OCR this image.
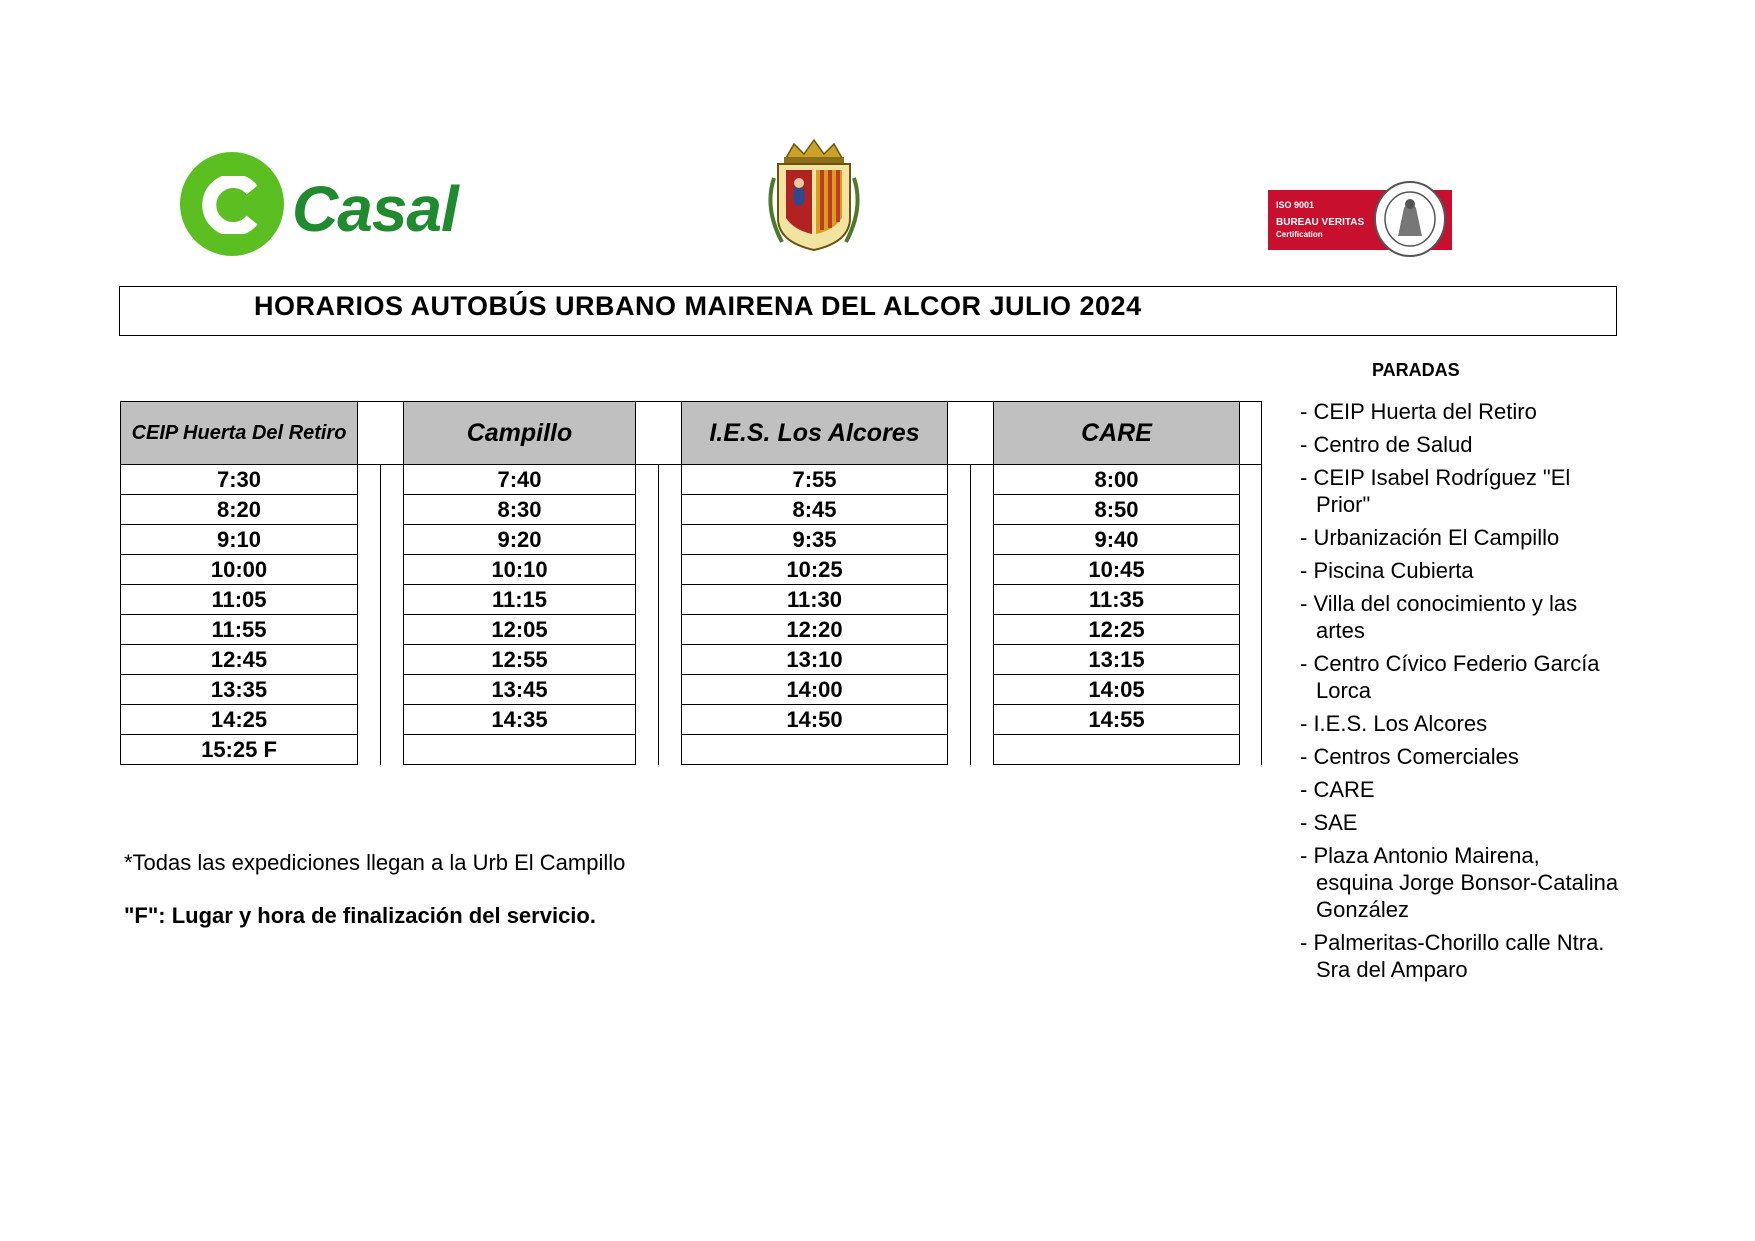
Casal	ISO 9001
BUREAU VERITAS
Certification
HORARIOS AUTOBÚS URBANO MAIRENA DEL ALCOR JULIO 2024
CEIP Huerta Del Retiro		Campillo		I.E.S. Los Alcores		CARE	
7:30		7:40		7:55		8:00	
8:20		8:30		8:45		8:50	
9:10		9:20		9:35		9:40	
10:00		10:10		10:25		10:45	
11:05		11:15		11:30		11:35	
11:55		12:05		12:20		12:25	
12:45		12:55		13:10		13:15	
13:35		13:45		14:00		14:05	
14:25		14:35		14:50		14:55	
15:25 F	

*Todas las expediciones llegan a la Urb El Campillo
"F": Lugar y hora de finalización del servicio.
PARADAS
- CEIP Huerta del Retiro
- Centro de Salud
- CEIP Isabel Rodríguez "El Prior"
- Urbanización El Campillo
- Piscina Cubierta
- Villa del conocimiento y las artes
- Centro Cívico Federio García Lorca
- I.E.S. Los Alcores
- Centros Comerciales
- CARE
- SAE
- Plaza Antonio Mairena, esquina Jorge Bonsor-Catalina González
- Palmeritas-Chorillo calle Ntra. Sra del Amparo
